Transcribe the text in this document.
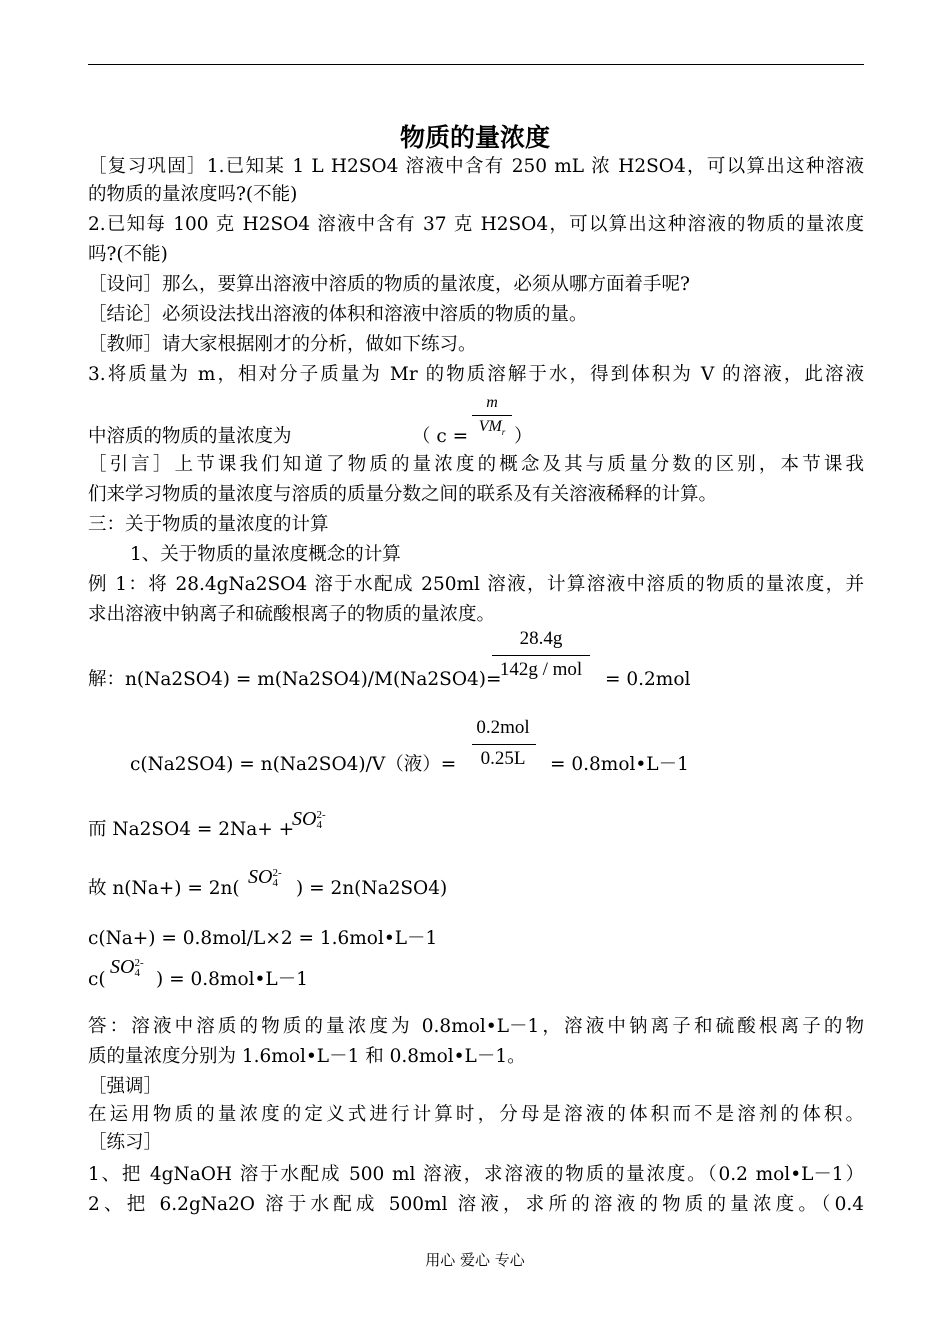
物质的量浓度
［复习巩固］1.已知某 1 L H2SO4 溶液中含有 250 mL 浓 H2SO4，可以算出这种溶液
的物质的量浓度吗?(不能)
2.已知每 100 克 H2SO4 溶液中含有 37 克 H2SO4，可以算出这种溶液的物质的量浓度
吗?(不能)
［设问］那么，要算出溶液中溶质的物质的量浓度，必须从哪方面着手呢?
［结论］必须设法找出溶液的体积和溶液中溶质的物质的量。
［教师］请大家根据刚才的分析，做如下练习。
3.将质量为 m，相对分子质量为 Mr 的物质溶解于水，得到体积为 V 的溶液，此溶液
中溶质的物质的量浓度为	（ c =
m
$VM_r$ ）
［引言］上节课我们知道了物质的量浓度的概念及其与质量分数的区别，本节课我
们来学习物质的量浓度与溶质的质量分数之间的联系及有关溶液稀释的计算。
三：关于物质的量浓度的计算
1、关于物质的量浓度概念的计算
例 1：将 28.4gNa2SO4 溶于水配成 250ml 溶液，计算溶液中溶质的物质的量浓度，并
求出溶液中钠离子和硫酸根离子的物质的量浓度。
28.4g
142g / mol
解：n(Na2SO4) = m(Na2SO4)/M(Na2SO4)=	= 0.2mol
0.2mol
0.25L
c(Na2SO4) = n(Na2SO4)/V（液）=	= 0.8mol•L－1
而 Na2SO4 = 2Na+ +
SO 2-
4
故 n(Na+) = 2n(
SO 2-
4 ) = 2n(Na2SO4)
c(Na+) = 0.8mol/L×2 = 1.6mol•L－1
c(
SO 2-
4 ) = 0.8mol•L－1
答：溶液中溶质的物质的量浓度为 0.8mol•L－1，溶液中钠离子和硫酸根离子的物
质的量浓度分别为 1.6mol•L－1 和 0.8mol•L－1。
［强调］
在运用物质的量浓度的定义式进行计算时，分母是溶液的体积而不是溶剂的体积。
［练习］
1、把 4gNaOH 溶于水配成 500 ml 溶液，求溶液的物质的量浓度。（0.2 mol•L－1）
2、把 6.2gNa2O 溶于水配成 500ml 溶液，求所的溶液的物质的量浓度。（0.4
用心 爱心 专心
